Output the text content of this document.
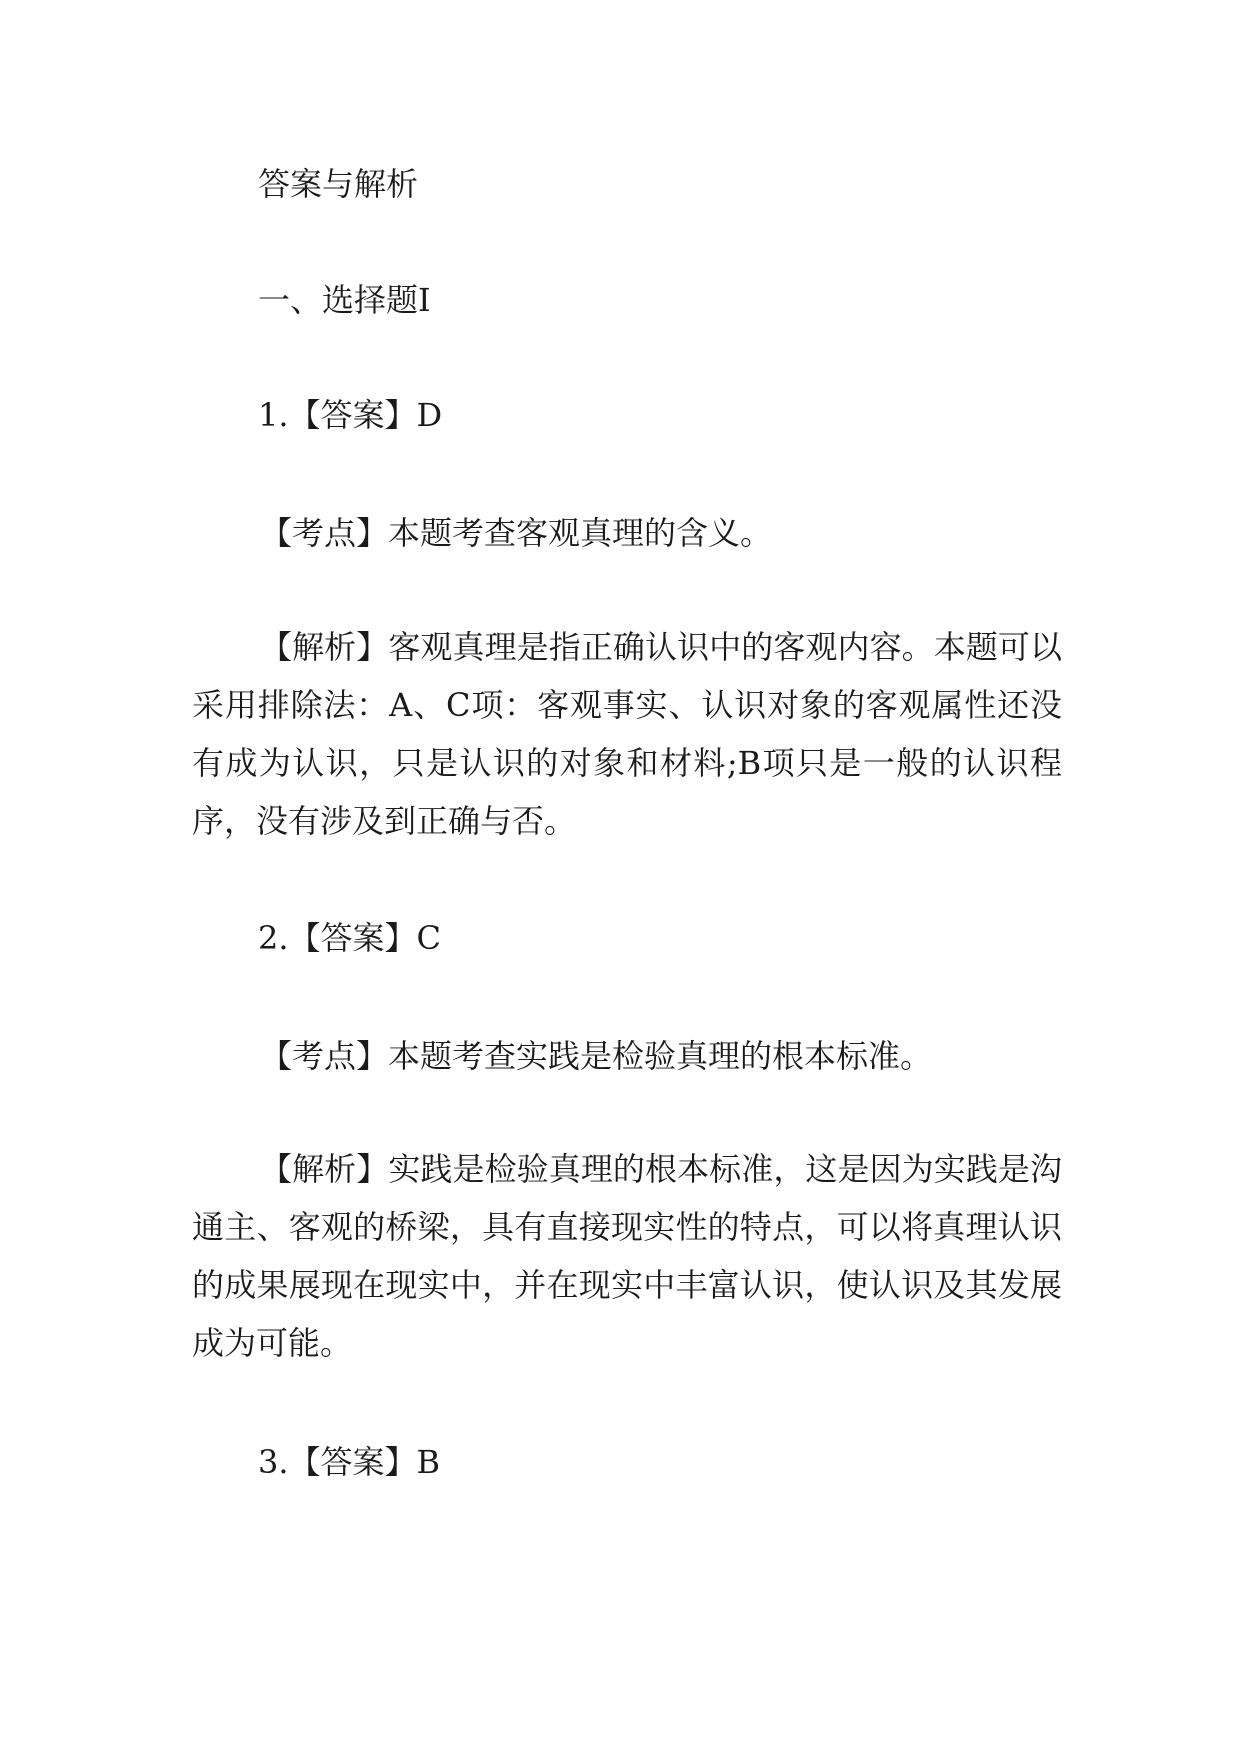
答案与解析
一、选择题Ⅰ
1.【答案】D
【考点】本题考查客观真理的含义。
【解析】客观真理是指正确认识中的客观内容。本题可以采用排除法：A、C项：客观事实、认识对象的客观属性还没有成为认识，只是认识的对象和材料;B项只是一般的认识程序，没有涉及到正确与否。
2.【答案】C
【考点】本题考查实践是检验真理的根本标准。
【解析】实践是检验真理的根本标准，这是因为实践是沟通主、客观的桥梁，具有直接现实性的特点，可以将真理认识的成果展现在现实中，并在现实中丰富认识，使认识及其发展成为可能。
3.【答案】B
